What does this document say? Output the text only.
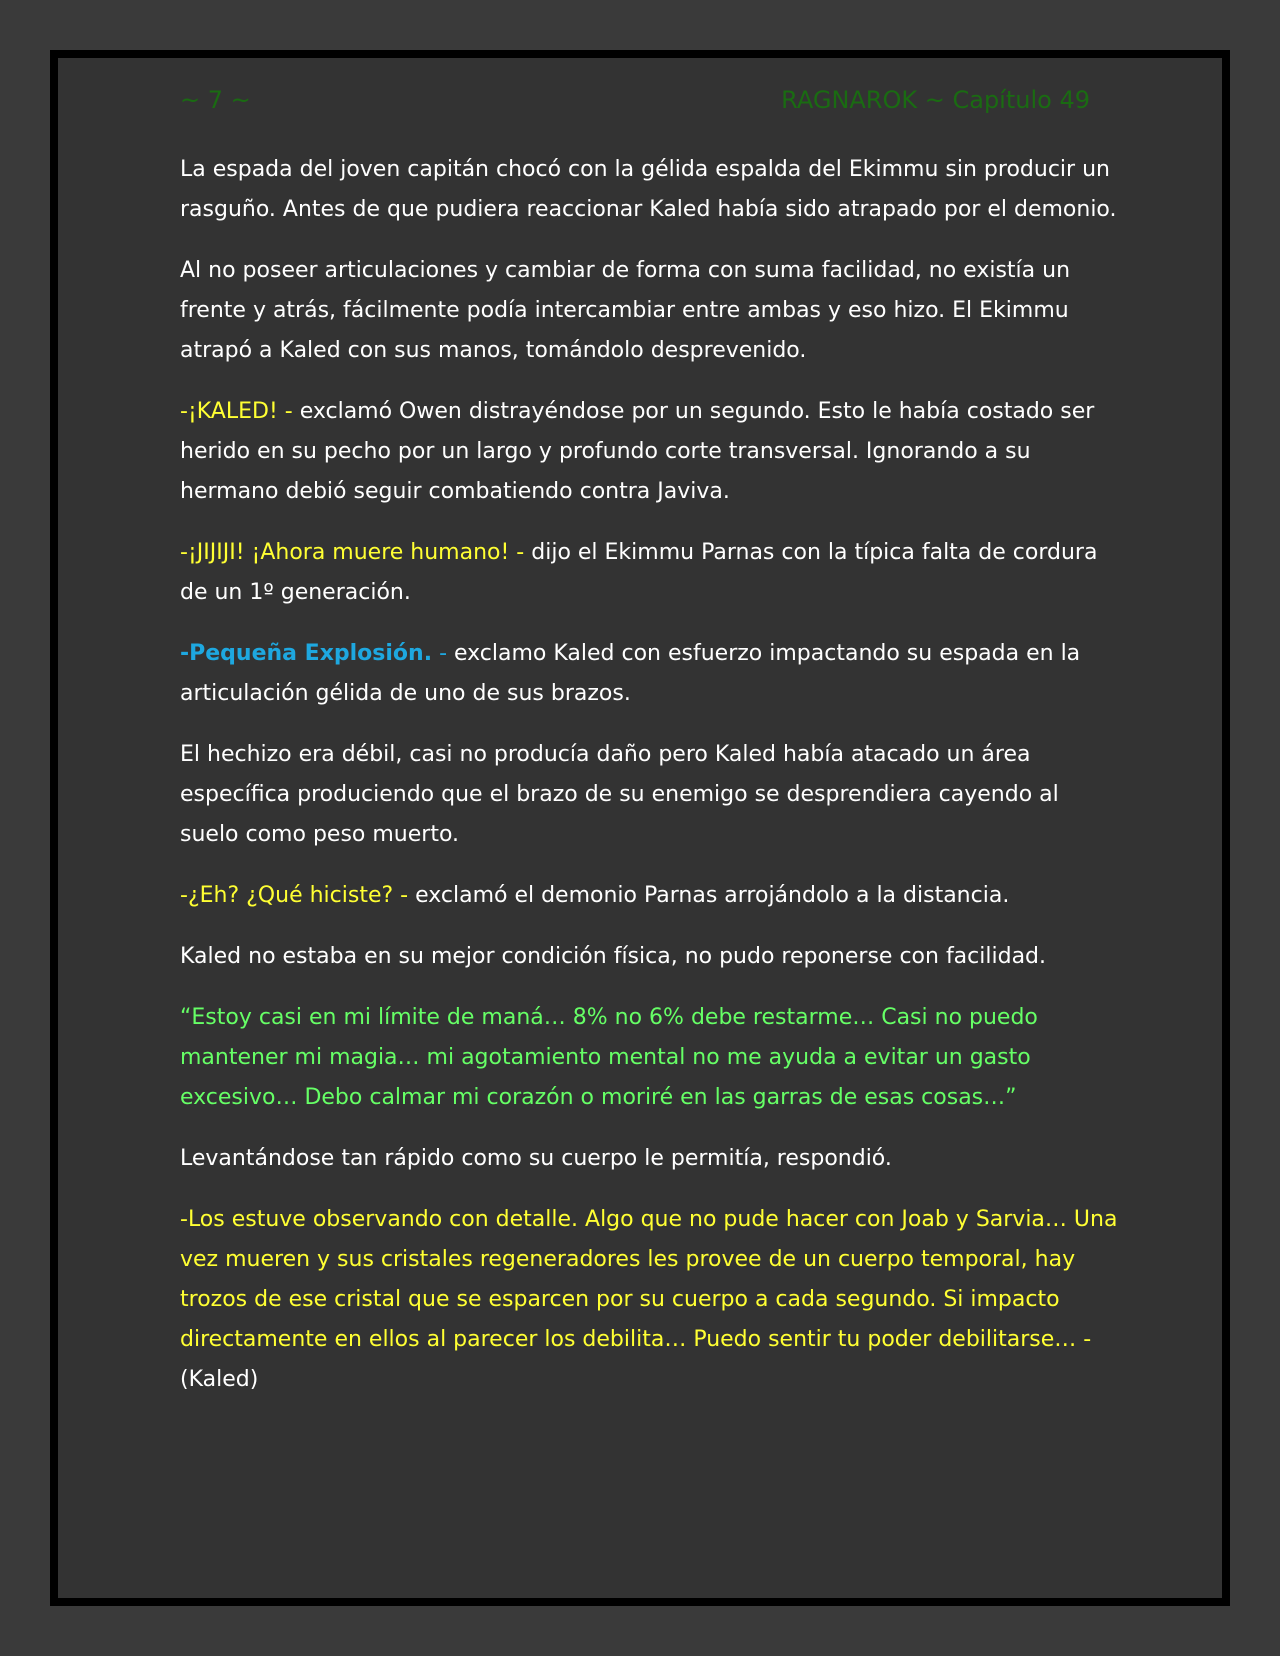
~ 7 ~	RAGNAROK ~ Capítulo 49

La espada del joven capitán chocó con la gélida espalda del Ekimmu sin producir un rasguño. Antes de que pudiera reaccionar Kaled había sido atrapado por el demonio.

Al no poseer articulaciones y cambiar de forma con suma facilidad, no existía un frente y atrás, fácilmente podía intercambiar entre ambas y eso hizo. El Ekimmu atrapó a Kaled con sus manos, tomándolo desprevenido.

-¡KALED! - exclamó Owen distrayéndose por un segundo. Esto le había costado ser herido en su pecho por un largo y profundo corte transversal. Ignorando a su hermano debió seguir combatiendo contra Javiva.

-¡JIJIJI! ¡Ahora muere humano! - dijo el Ekimmu Parnas con la típica falta de cordura de un 1º generación.

-Pequeña Explosión. - exclamo Kaled con esfuerzo impactando su espada en la articulación gélida de uno de sus brazos.

El hechizo era débil, casi no producía daño pero Kaled había atacado un área específica produciendo que el brazo de su enemigo se desprendiera cayendo al suelo como peso muerto.

-¿Eh? ¿Qué hiciste? - exclamó el demonio Parnas arrojándolo a la distancia.

Kaled no estaba en su mejor condición física, no pudo reponerse con facilidad.

“Estoy casi en mi límite de maná… 8% no 6% debe restarme… Casi no puedo mantener mi magia… mi agotamiento mental no me ayuda a evitar un gasto excesivo… Debo calmar mi corazón o moriré en las garras de esas cosas…”

Levantándose tan rápido como su cuerpo le permitía, respondió.

-Los estuve observando con detalle. Algo que no pude hacer con Joab y Sarvia… Una vez mueren y sus cristales regeneradores les provee de un cuerpo temporal, hay trozos de ese cristal que se esparcen por su cuerpo a cada segundo. Si impacto directamente en ellos al parecer los debilita… Puedo sentir tu poder debilitarse… - (Kaled)
